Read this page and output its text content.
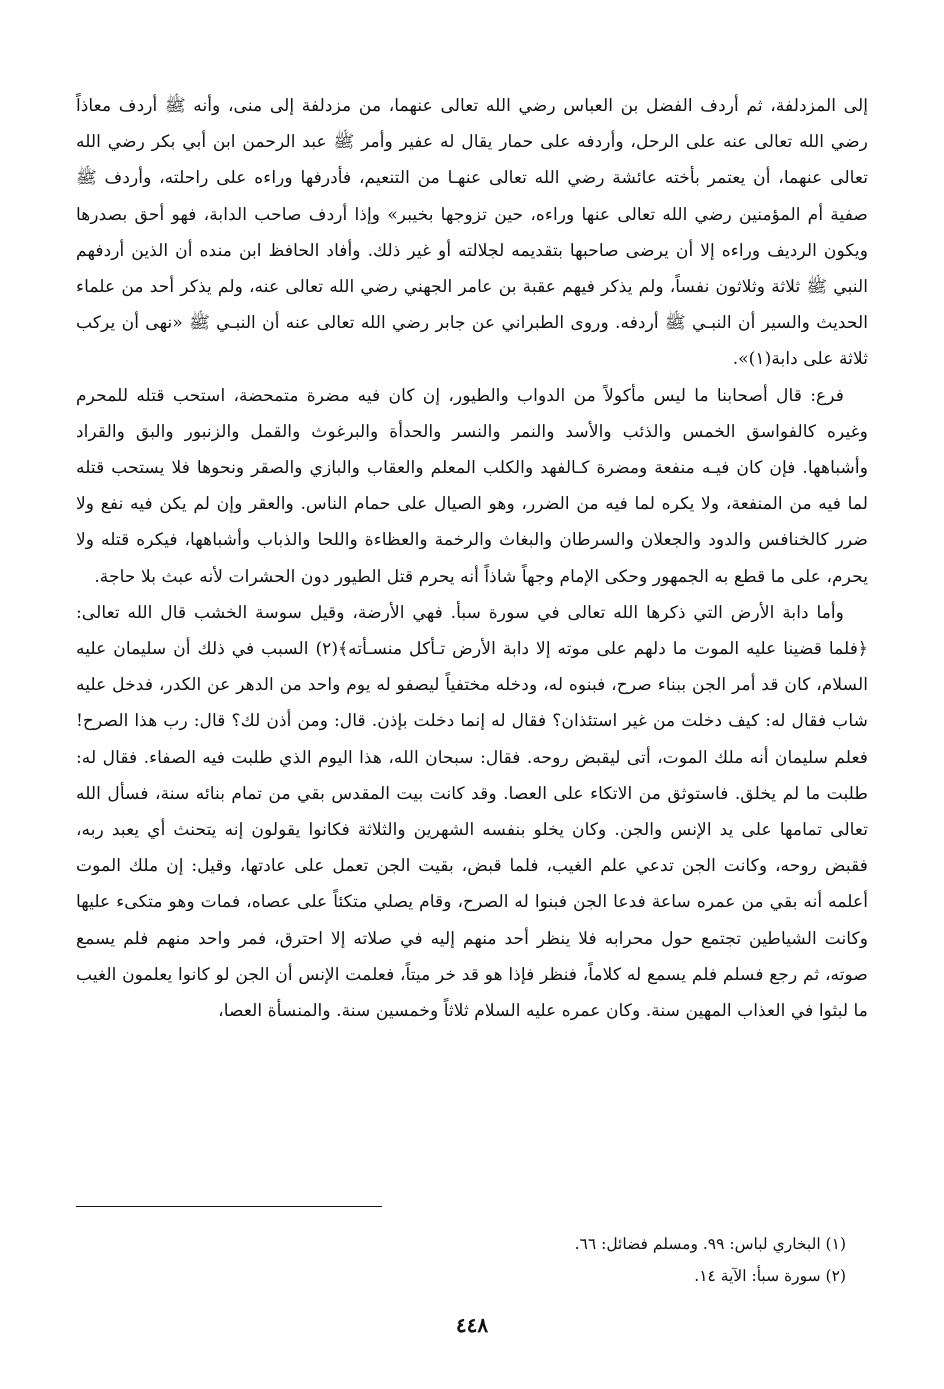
إلى المزدلفة، ثم أردف الفضل بن العباس رضي الله تعالى عنهما، من مزدلفة إلى منى، وأنه ﷺ أردف معاذاً رضي الله تعالى عنه على الرحل، وأردفه على حمار يقال له عفير وأمر ﷺ عبد الرحمن ابن أبي بكر رضي الله تعالى عنهما، أن يعتمر بأخته عائشة رضي الله تعالى عنهـا من التنعيم، فأدرفها وراءه على راحلته، وأردف ﷺ صفية أم المؤمنين رضي الله تعالى عنها وراءه، حين تزوجها بخيبر» وإذا أردف صاحب الدابة، فهو أحق بصدرها ويكون الرديف وراءه إلا أن يرضى صاحبها بتقديمه لجلالته أو غير ذلك. وأفاد الحافظ ابن منده أن الذين أردفهم النبي ﷺ ثلاثة وثلاثون نفساً، ولم يذكر فيهم عقبة بن عامر الجهني رضي الله تعالى عنه، ولم يذكر أحد من علماء الحديث والسير أن النبـي ﷺ أردفه. وروى الطبراني عن جابر رضي الله تعالى عنه أن النبـي ﷺ «نهى أن يركب ثلاثة على دابة(١)».

فرع: قال أصحابنا ما ليس مأكولاً من الدواب والطيور، إن كان فيه مضرة متمحضة، استحب قتله للمحرم وغيره كالفواسق الخمس والذئب والأسد والنمر والنسر والحدأة والبرغوث والقمل والزنبور والبق والقراد وأشباهها. فإن كان فيـه منفعة ومضرة كـالفهد والكلب المعلم والعقاب والبازي والصقر ونحوها فلا يستحب قتله لما فيه من المنفعة، ولا يكره لما فيه من الضرر، وهو الصيال على حمام الناس. والعقر وإن لم يكن فيه نفع ولا ضرر كالخنافس والدود والجعلان والسرطان والبغاث والرخمة والعظاءة واللحا والذباب وأشباهها، فيكره قتله ولا يحرم، على ما قطع به الجمهور وحكى الإمام وجهاً شاذاً أنه يحرم قتل الطيور دون الحشرات لأنه عبث بلا حاجة.

وأما دابة الأرض التي ذكرها الله تعالى في سورة سبأ. فهي الأرضة، وقيل سوسة الخشب قال الله تعالى: ﴿فلما قضينا عليه الموت ما دلهم على موته إلا دابة الأرض تـأكل منسـأته﴾(٢) السبب في ذلك أن سليمان عليه السلام، كان قد أمر الجن ببناء صرح، فبنوه له، ودخله مختفياً ليصفو له يوم واحد من الدهر عن الكدر، فدخل عليه شاب فقال له: كيف دخلت من غير استئذان؟ فقال له إنما دخلت بإذن. قال: ومن أذن لك؟ قال: رب هذا الصرح! فعلم سليمان أنه ملك الموت، أتى ليقبض روحه. فقال: سبحان الله، هذا اليوم الذي طلبت فيه الصفاء. فقال له: طلبت ما لم يخلق. فاستوثق من الاتكاء على العصا. وقد كانت بيت المقدس بقي من تمام بنائه سنة، فسأل الله تعالى تمامها على يد الإنس والجن. وكان يخلو بنفسه الشهرين والثلاثة فكانوا يقولون إنه يتحنث أي يعبد ربه، فقبض روحه، وكانت الجن تدعي علم الغيب، فلما قبض، بقيت الجن تعمل على عادتها، وقيل: إن ملك الموت أعلمه أنه بقي من عمره ساعة فدعا الجن فبنوا له الصرح، وقام يصلي متكئاً على عصاه، فمات وهو متكىء عليها وكانت الشياطين تجتمع حول محرابه فلا ينظر أحد منهم إليه في صلاته إلا احترق، فمر واحد منهم فلم يسمع صوته، ثم رجع فسلم فلم يسمع له كلاماً، فنظر فإذا هو قد خر ميتاً، فعلمت الإنس أن الجن لو كانوا يعلمون الغيب ما لبثوا في العذاب المهين سنة. وكان عمره عليه السلام ثلاثاً وخمسين سنة. والمنسأة العصا،

(١) البخاري لباس: ٩٩. ومسلم فضائل: ٦٦.
(٢) سورة سبأ: الآية ١٤.
٤٤٨
